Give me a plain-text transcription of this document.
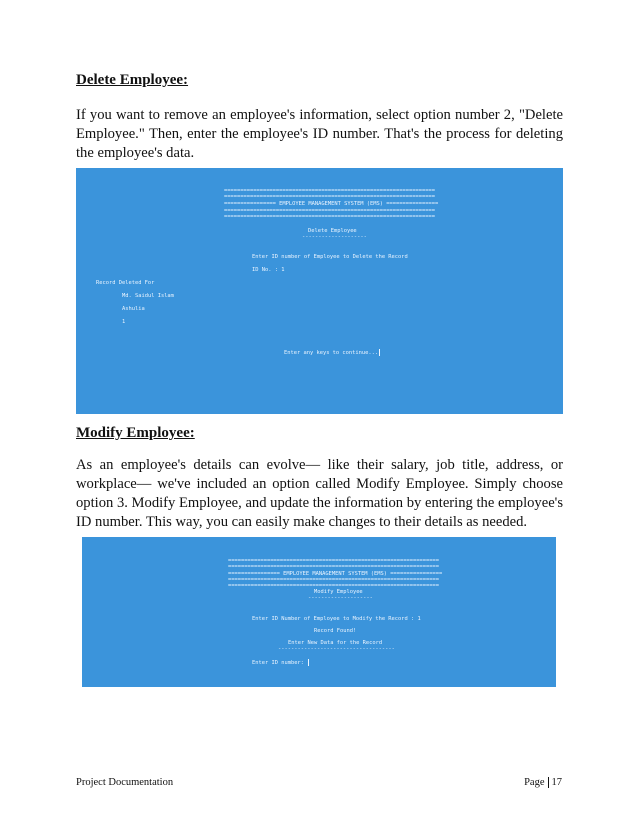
Delete Employee:

If you want to remove an employee's information, select option number 2, "Delete Employee." Then, enter the employee's ID number. That's the process for deleting the employee's data.

=================================================================
=================================================================
================ EMPLOYEE MANAGEMENT SYSTEM (EMS) ================
=================================================================
=================================================================
Delete Employee
--------------------
Enter ID number of Employee to Delete the Record
ID No. : 1
Record Deleted For
Md. Saidul Islam
Ashulia
1
Enter any keys to continue...
Modify Employee:

As an employee's details can evolve— like their salary, job title, address, or workplace— we've included an option called Modify Employee. Simply choose option 3. Modify Employee, and update the information by entering the employee's ID number. This way, you can easily make changes to their details as needed.

=================================================================
=================================================================
================ EMPLOYEE MANAGEMENT SYSTEM (EMS) ================
=================================================================
=================================================================
Modify Employee
--------------------
Enter ID Number of Employee to Modify the Record : 1
Record Found!
Enter New Data for the Record
------------------------------------
Enter ID number:
Project Documentation	Page 17
